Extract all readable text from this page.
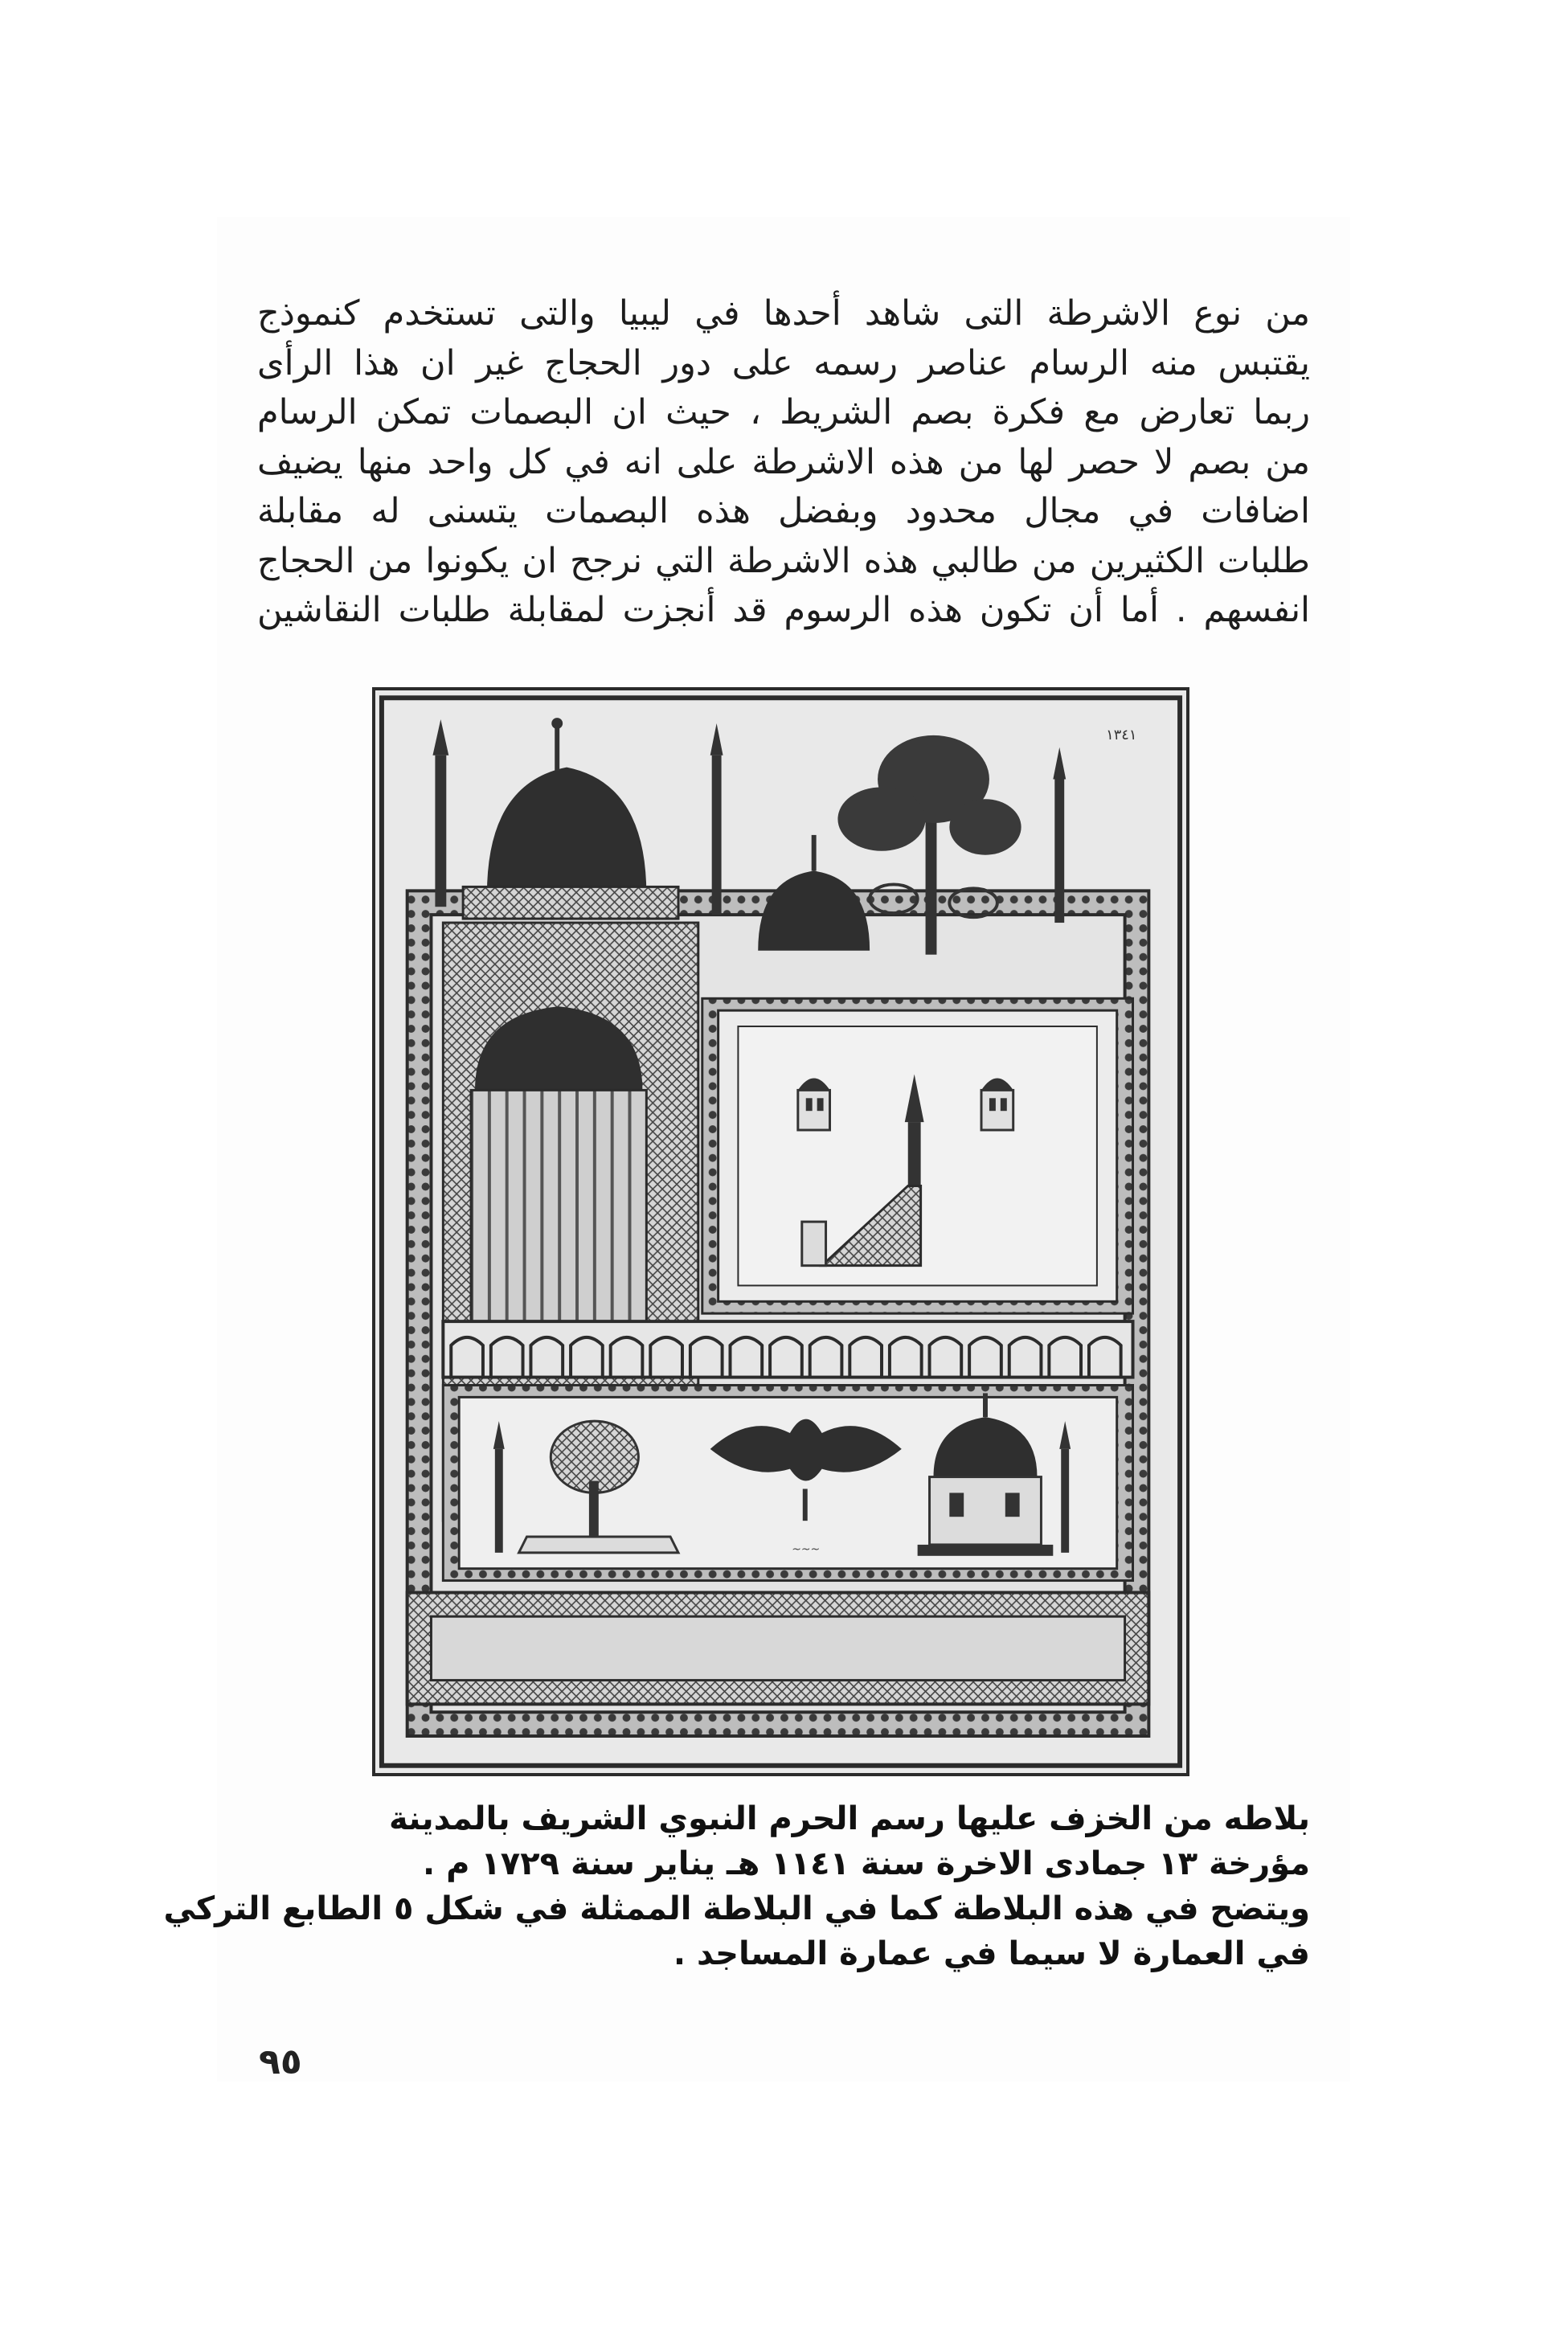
من نوع الاشرطة التى شاهد أحدها في ليبيا والتى تستخدم كنموذج
يقتبس منه الرسام عناصر رسمه على دور الحجاج غير ان هذا الرأى
ربما تعارض مع فكرة بصم الشريط ، حيث ان البصمات تمكن الرسام
من بصم لا حصر لها من هذه الاشرطة على انه في كل واحد منها يضيف
اضافات في مجال محدود وبفضل هذه البصمات يتسنى له مقابلة
طلبات الكثيرين من طالبي هذه الاشرطة التي نرجح ان يكونوا من الحجاج
انفسهم . أما أن تكون هذه الرسوم قد أنجزت لمقابلة طلبات النقاشين
١٣٤١
~~~
بلاطه من الخزف عليها رسم الحرم النبوي الشريف بالمدينة
مؤرخة ١٣ جمادى الاخرة سنة ١١٤١ هـ يناير سنة ١٧٢٩ م .
ويتضح في هذه البلاطة كما في البلاطة الممثلة في شكل ٥ الطابع التركي
في العمارة لا سيما في عمارة المساجد .
٩٥
